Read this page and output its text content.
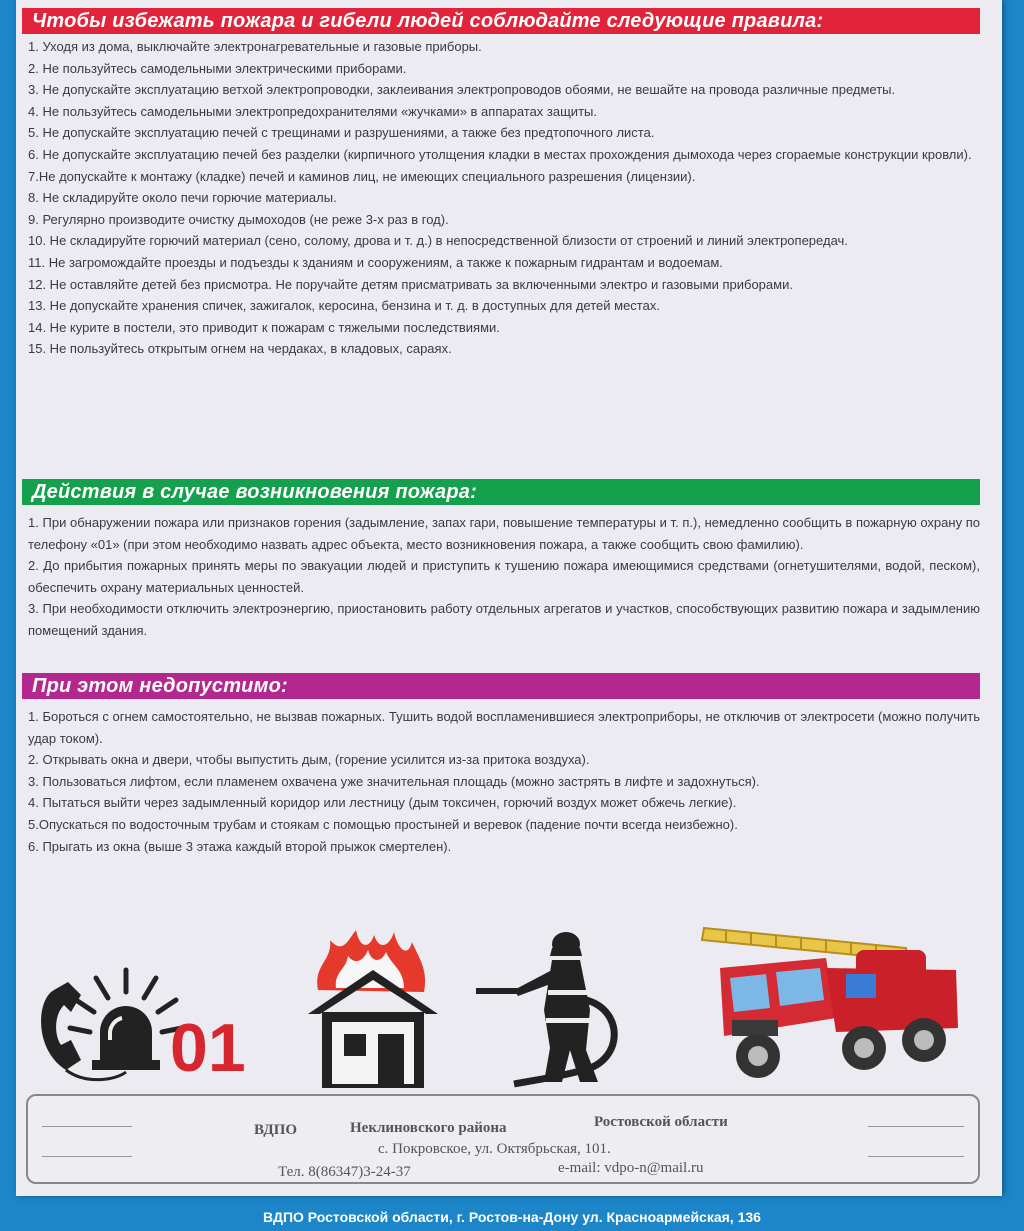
Чтобы избежать пожара и гибели людей соблюдайте следующие правила:

1. Уходя из дома, выключайте электронагревательные и газовые приборы.

2. Не пользуйтесь самодельными электрическими приборами.

3. Не допускайте эксплуатацию ветхой электропроводки, заклеивания электропроводов обоями, не вешайте на провода различные предметы.

4. Не пользуйтесь самодельными электропредохранителями «жучками» в аппаратах защиты.

5. Не допускайте эксплуатацию печей с трещинами и разрушениями, а также без предтопочного листа.

6. Не допускайте эксплуатацию печей без разделки (кирпичного утолщения кладки в местах прохождения дымохода через сгораемые конструкции кровли).

7.Не допускайте к монтажу (кладке) печей и каминов лиц, не имеющих специального разрешения (лицензии).

8. Не складируйте около печи горючие материалы.

9. Регулярно производите очистку дымоходов (не реже 3-х раз в год).

10. Не складируйте горючий материал (сено, солому, дрова и т. д.) в непосредственной близости от строений и линий электропередач.

11. Не загромождайте проезды и подъезды к зданиям и сооружениям, а также к пожарным гидрантам и водоемам.

12. Не оставляйте детей без присмотра. Не поручайте детям присматривать за включенными электро и газовыми приборами.

13. Не допускайте хранения спичек, зажигалок, керосина, бензина и т. д. в доступных для детей местах.

14. Не курите в постели, это приводит к пожарам с тяжелыми последствиями.

15. Не пользуйтесь открытым огнем на чердаках, в кладовых, сараях.

Действия в случае возникновения пожара:

1. При обнаружении пожара или признаков горения (задымление, запах гари, повышение температуры и т. п.), немедленно сообщить в пожарную охрану по телефону «01» (при этом необходимо назвать адрес объекта, место возникновения пожара, а также сообщить свою фамилию).

2. До прибытия пожарных принять меры по эвакуации людей и приступить к тушению пожара имеющимися средствами (огнетушителями, водой, песком), обеспечить охрану материальных ценностей.

3. При необходимости отключить электроэнергию, приостановить работу отдельных агрегатов и участков, способствующих развитию пожара и задымлению помещений здания.

При этом недопустимо:

1. Бороться с огнем самостоятельно, не вызвав пожарных. Тушить водой воспламенившиеся электроприборы, не отключив от электросети (можно получить удар током).

2. Открывать окна и двери, чтобы выпустить дым, (горение усилится из-за притока воздуха).

3. Пользоваться лифтом, если пламенем охвачена уже значительная площадь (можно застрять в лифте и задохнуться).

4. Пытаться выйти через задымленный коридор или лестницу (дым токсичен, горючий воздух может обжечь легкие).

5.Опускаться по водосточным трубам и стоякам с помощью простыней и веревок (падение почти всегда неизбежно).

6. Прыгать из окна (выше 3 этажа каждый второй прыжок смертелен).

01
ВДПО	Неклиновского района	Ростовской области
с. Покровское, ул. Октябрьская, 101.
Тел. 8(86347)3-24-37	e-mail: vdpo-n@mail.ru
ВДПО Ростовской области, г. Ростов-на-Дону ул. Красноармейская, 136
